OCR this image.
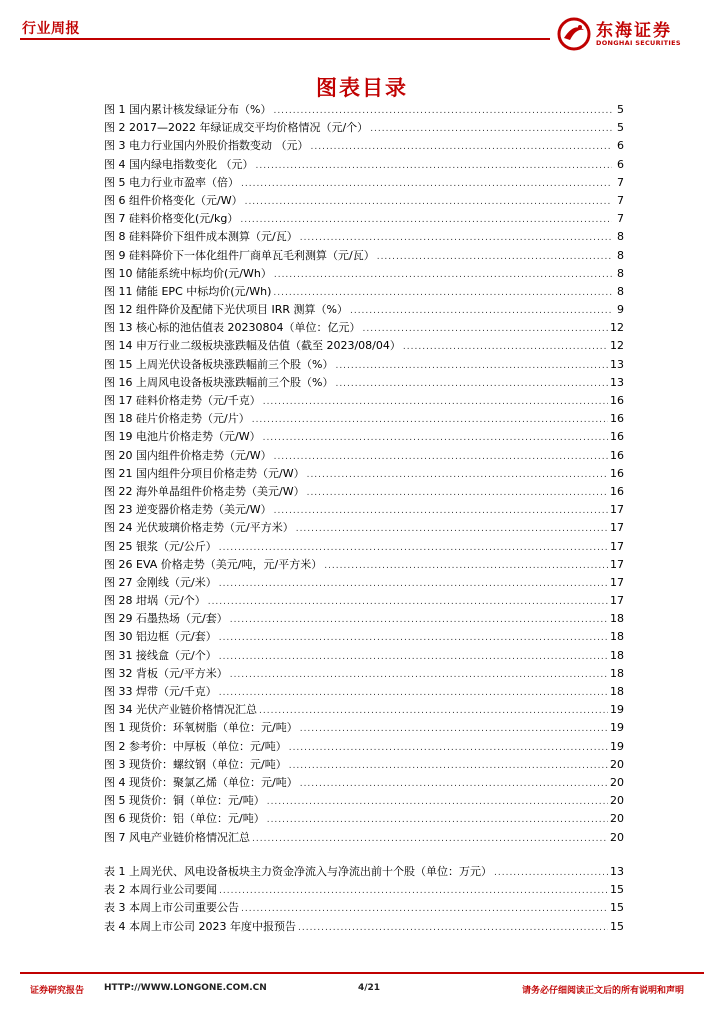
行业周报	东海证券
DONGHAI SECURITIES
图表目录
图 1 国内累计核发绿证分布（%） .....	5
图 2 2017—2022 年绿证成交平均价格情况（元/个） .....	5
图 3 电力行业国内外股价指数变动 （元） .....	6
图 4 国内绿电指数变化 （元） .....	6
图 5 电力行业市盈率（倍） .....	7
图 6 组件价格变化（元/W） .....	7
图 7 硅料价格变化(元/kg） .....	7
图 8 硅料降价下组件成本测算（元/瓦） .....	8
图 9 硅料降价下一体化组件厂商单瓦毛利测算（元/瓦） .....	8
图 10 储能系统中标均价(元/Wh） .....	8
图 11 储能 EPC 中标均价(元/Wh) .....	8
图 12 组件降价及配储下光伏项目 IRR 测算（%） .....	9
图 13 核心标的池估值表 20230804（单位：亿元） .....	12
图 14 申万行业二级板块涨跌幅及估值（截至 2023/08/04） .....	12
图 15 上周光伏设备板块涨跌幅前三个股（%） .....	13
图 16 上周风电设备板块涨跌幅前三个股（%） .....	13
图 17 硅料价格走势（元/千克） .....	16
图 18 硅片价格走势（元/片） .....	16
图 19 电池片价格走势（元/W） .....	16
图 20 国内组件价格走势（元/W） .....	16
图 21 国内组件分项目价格走势（元/W） .....	16
图 22 海外单晶组件价格走势（美元/W） .....	16
图 23 逆变器价格走势（美元/W） .....	17
图 24 光伏玻璃价格走势（元/平方米） .....	17
图 25 银浆（元/公斤） .....	17
图 26 EVA 价格走势（美元/吨，元/平方米） .....	17
图 27 金刚线（元/米） .....	17
图 28 坩埚（元/个） .....	17
图 29 石墨热场（元/套） .....	18
图 30 铝边框（元/套） .....	18
图 31 接线盒（元/个） .....	18
图 32 背板（元/平方米） .....	18
图 33 焊带（元/千克） .....	18
图 34 光伏产业链价格情况汇总 .....	19
图 1 现货价：环氧树脂（单位：元/吨） .....	19
图 2 参考价：中厚板（单位：元/吨） .....	19
图 3 现货价：螺纹钢（单位：元/吨） .....	20
图 4 现货价：聚氯乙烯（单位：元/吨） .....	20
图 5 现货价：铜（单位：元/吨） .....	20
图 6 现货价：铝（单位：元/吨） .....	20
图 7 风电产业链价格情况汇总 .....	20
表 1 上周光伏、风电设备板块主力资金净流入与净流出前十个股（单位：万元） .....	13
表 2 本周行业公司要闻 .....	15
表 3 本周上市公司重要公告 .....	15
表 4 本周上市公司 2023 年度中报预告 .....	15
证券研究报告 HTTP://WWW.LONGONE.COM.CN	4/21	请务必仔细阅读正文后的所有说明和声明
